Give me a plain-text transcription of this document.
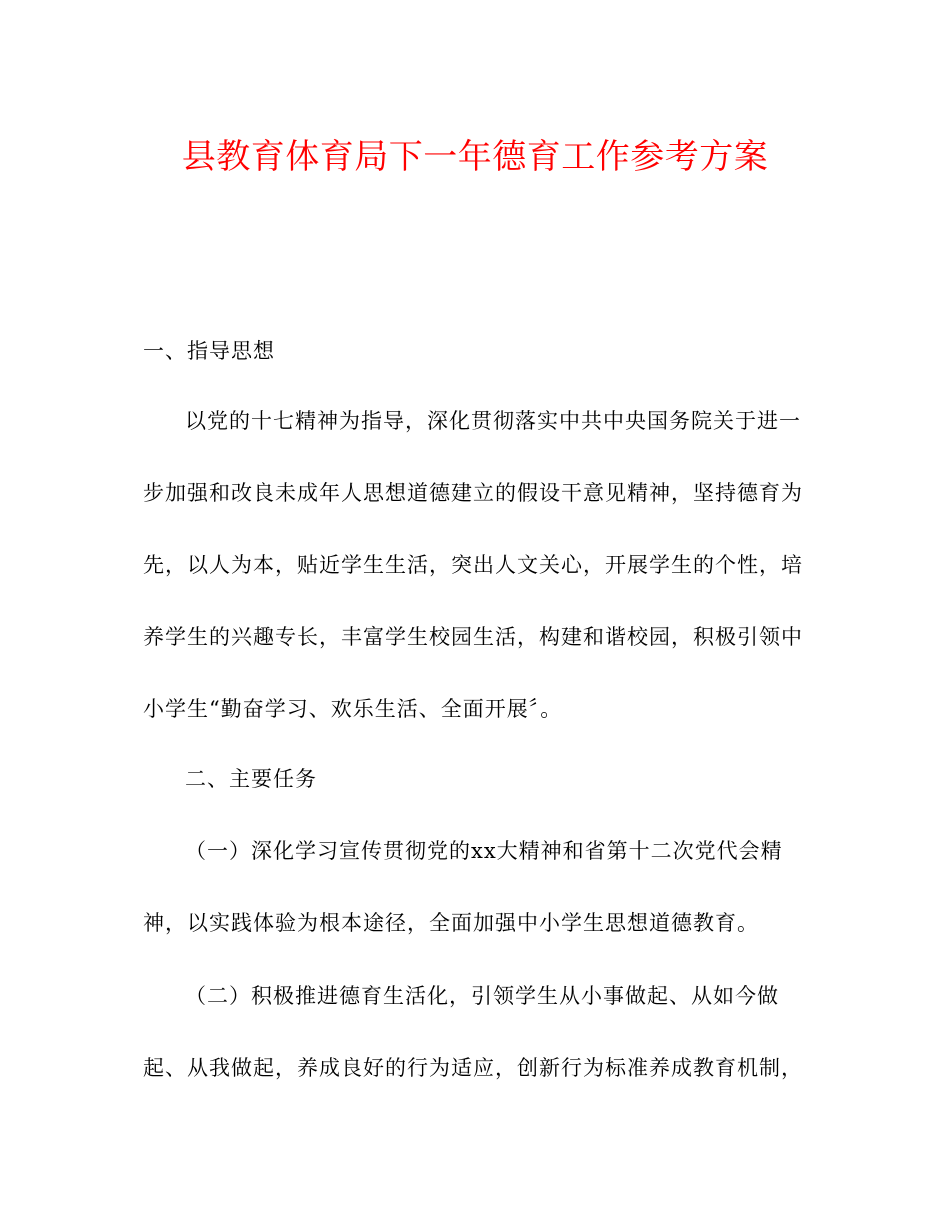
县教育体育局下一年德育工作参考方案

一、指导思想

以党的十七精神为指导，深化贯彻落实中共中央国务院关于进一
步加强和改良未成年人思想道德建立的假设干意见精神，坚持德育为
先，以人为本，贴近学生生活，突出人文关心，开展学生的个性，培
养学生的兴趣专长，丰富学生校园生活，构建和谐校园，积极引领中
小学生“勤奋学习、欢乐生活、全面开展〞。

二、主要任务

（一）深化学习宣传贯彻党的xx大精神和省第十二次党代会精
神，以实践体验为根本途径，全面加强中小学生思想道德教育。

（二）积极推进德育生活化，引领学生从小事做起、从如今做
起、从我做起，养成良好的行为适应，创新行为标准养成教育机制，
